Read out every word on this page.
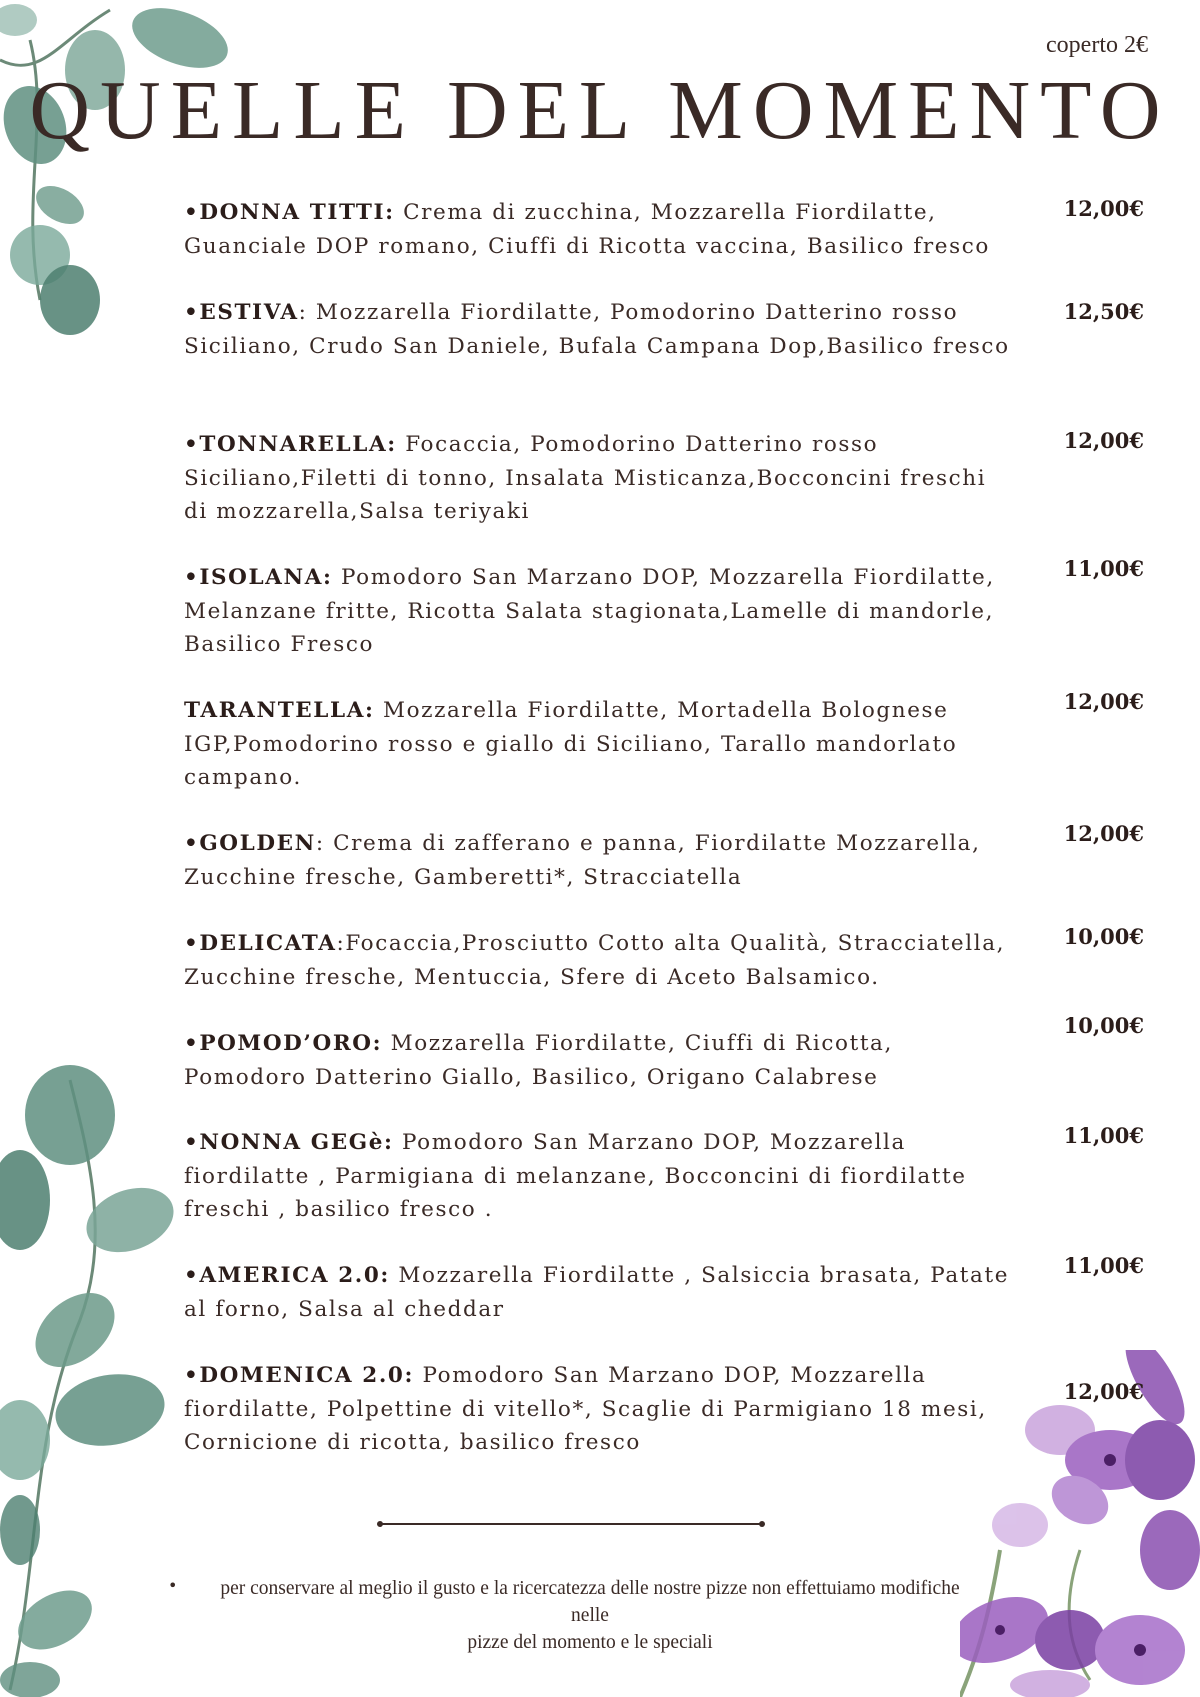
coperto 2€
QUELLE DEL MOMENTO
•DONNA TITTI: Crema di zucchina, Mozzarella Fiordilatte, Guanciale DOP romano, Ciuffi di Ricotta vaccina, Basilico fresco
12,00€
•ESTIVA: Mozzarella Fiordilatte, Pomodorino Datterino rosso Siciliano, Crudo San Daniele, Bufala Campana Dop,Basilico fresco
12,50€
•TONNARELLA: Focaccia, Pomodorino Datterino rosso Siciliano,Filetti di tonno, Insalata Misticanza,Bocconcini freschi di mozzarella,Salsa teriyaki
12,00€
•ISOLANA: Pomodoro San Marzano DOP, Mozzarella Fiordilatte, Melanzane fritte, Ricotta Salata stagionata,Lamelle di mandorle, Basilico Fresco
11,00€
TARANTELLA: Mozzarella Fiordilatte, Mortadella Bolognese IGP,Pomodorino rosso e giallo di Siciliano, Tarallo mandorlato campano.
12,00€
•GOLDEN: Crema di zafferano e panna, Fiordilatte Mozzarella, Zucchine fresche, Gamberetti*, Stracciatella
12,00€
•DELICATA:Focaccia,Prosciutto Cotto alta Qualità, Stracciatella, Zucchine fresche, Mentuccia, Sfere di Aceto Balsamico.
10,00€
•POMOD’ORO: Mozzarella Fiordilatte, Ciuffi di Ricotta, Pomodoro Datterino Giallo, Basilico, Origano Calabrese
10,00€
•NONNA GEGè: Pomodoro San Marzano DOP, Mozzarella fiordilatte , Parmigiana di melanzane, Bocconcini di fiordilatte freschi , basilico fresco .
11,00€
•AMERICA 2.0: Mozzarella Fiordilatte , Salsiccia brasata, Patate al forno, Salsa al cheddar
11,00€
•DOMENICA 2.0: Pomodoro San Marzano DOP, Mozzarella fiordilatte, Polpettine di vitello*, Scaglie di Parmigiano 18 mesi, Cornicione di ricotta, basilico fresco
12,00€
•	per conservare al meglio il gusto e la ricercatezza delle nostre pizze non effettuiamo modifiche nelle
pizze del momento e le speciali
